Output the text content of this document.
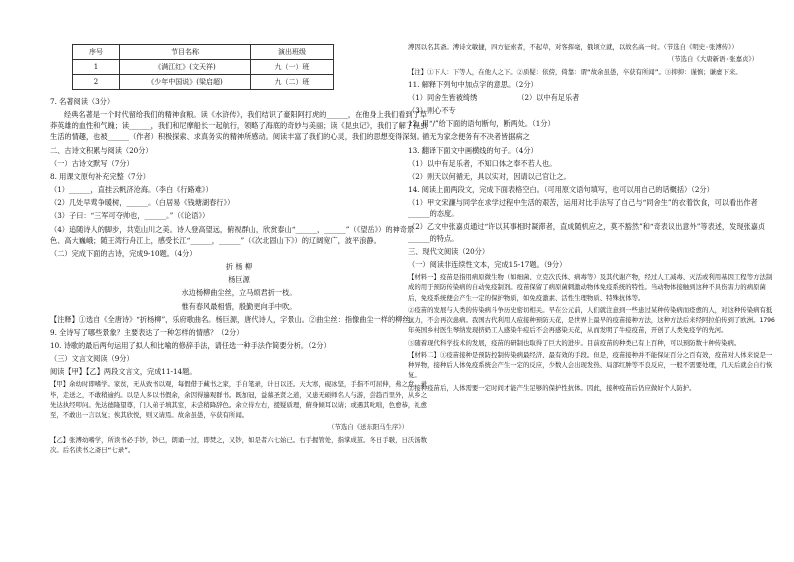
序号	节目名称	演出班级
1	《满江红》(文天祥)	九（一）班
2	《少年中国说》(梁启超)	九（二）班
7. 名著阅读（3分）
经典名著是一个时代留给我们的精神食粮。读《水浒传》，我们结识了豪阳阿打虎的______，在他身上我们看到了草莽英雄的血性和气魄；读______，我们和尼摩船长一起航行，领略了海底的奇妙与美丽；读《昆虫记》，我们了解了昆虫生活的情趣，也被______（作者）积极探索、求真务实的精神所感动。阅读丰富了我们的心灵，我们的思想变得深刻。
二、古诗文积累与阅读（20分）
（一）古诗文默写（7分）
8. 用课文原句补充完整（7分）
（1）______，直挂云帆济沧海。（李白《行路难》）
（2）几处早莺争暖树，______。（白居易《钱塘湖春行》）
（3）子曰：“三军可夺帅也，______。”（《论语》）
（4）追随诗人的脚步，共览山川之美。诗人登高望远，俯视群山，欣赏泰山“______，______”（《望岳》）的神奇景色、高大巍峨；随王湾行舟江上，感受长江“______，______”（《次北固山下》）的辽阔宽广，波平浪静。
（二）完成下面的古诗，完成9-10题。（4分）
折 杨 柳
杨巨源
水边杨柳曲尘丝，立马烦君折一枝。
惟有春风最相惜，殷勤更向手中吹。
【注释】①选自《全唐诗》“折杨柳”，乐府歌曲名。杨巨源，唐代诗人，字景山。②曲尘丝：指像曲尘一样的柳丝。
9. 全诗写了哪些景象？主要表达了一种怎样的情感？（2分）
10. 诗歌的最后两句运用了拟人和比喻的修辞手法，请任选一种手法作简要分析。（2分）
（三）文言文阅读（9分）
阅读【甲】【乙】两段文言文，完成11-14题。
【甲】余幼时即嗜学。家贫，无从致书以观，每假借于藏书之家，手自笔录，计日以还。天大寒，砚冰坚，手指不可屈伸，弗之怠。录毕，走送之，不敢稍逾约。以是人多以书假余，余因得遍观群书。既加冠，益慕圣贤之道，又患无硕师名人与游，尝趋百里外，从乡之先达执经叩问。先达德隆望尊，门人弟子填其室，未尝稍降辞色。余立侍左右，援疑质理，俯身倾耳以请；或遇其叱咄，色愈恭，礼愈至，不敢出一言以复；俟其欣悦，则又请焉。故余虽愚，卒获有所闻。
（节选自《送东阳马生序》）
【乙】张溥幼嗜学，所读书必手钞，钞已，朗诵一过，即焚之，又钞，如是者六七始已。右手握管处，指掌成茧。冬日手皲，日沃汤数次。后名读书之斋曰“七录”。
溥因以名其斋。溥诗文敏捷，四方征索者，不起草，对客挥毫，俄顷立就，以故名高一时。（节选自《明史·张溥传》）
（节选自《大唐新语·张嘉贞》）
【注】①下人：下等人，在他人之下。②质疑：依傍，倚靠：谓“故余虽愚，卒获有所闻”。③抑抑：谨慎；谦虚下来。
11. 解释下列句中加点字的意思。（2分）
（1）同舍生皆被绮绣	（2）以中有足乐者
（3）则心不专
12. 用“/”给下面的语句断句，断两处。（1分）
循无为家念便务有不决者皆据病之
13. 翻译下面文中画横线的句子。（4分）
（1）以中有足乐者，不知口体之奉不若人也。
（2）则天以何循无，具以实对，因请以己官让之。
14. 阅读上面两段文，完成下面表格空白。（可用原文语句填写，也可以用自己的话概括）（2分）
（1）甲文宋濂与同学在求学过程中生活的艰苦，运用对比手法写了自己与“同舍生”的衣着饮食，可以看出作者______的态度。
（2）乙文中张嘉贞通过“许以其事相时凝滞者，直成随机应之，莫不豁然”和“奇表议出意外”等表述，发现张嘉贞______的特点。
三、现代文阅读（20分）
（一）阅读非连续性文本，完成15-17题。（9分）
【材料一】疫苗是指用病原微生物（如细菌、立克次氏体、病毒等）及其代谢产物，经过人工减毒、灭活或利用基因工程等方法制成的用于预防传染病的自动免疫制剂。疫苗保留了病原菌刺激动物体免疫系统的特性。当动物体接触到这种不具伤害力的病原菌后，免疫系统便会产生一定的保护物质，如免疫激素、活性生理物质、特殊抗体等。
②疫苗的发展与人类的传染病斗争历史密切相关。早在公元前，人们就注意到一些患过某种传染病而痊愈的人，对这种传染病有抵抗力，不会再次患病。我国古代利用人痘接种预防天花，是世界上最早的疫苗接种方法，这种方法后来经阿拉伯传到了欧洲。1796年英国乡村医生琴纳发现挤奶工人感染牛痘后不会再感染天花，从而发明了牛痘疫苗，开创了人类免疫学的先河。
③随着现代科学技术的发展，疫苗的研制也取得了巨大的进步。目前疫苗的种类已有上百种，可以预防数十种传染病。
【材料二】①疫苗接种是预防控制传染病最经济、最有效的手段。但是，疫苗接种并不能保证百分之百有效，疫苗对人体来说是一种异物，接种后人体免疫系统会产生一定的反应，少数人会出现发热、局部红肿等不良反应，一般不需要处理，几天后就会自行恢复。
②接种疫苗后，人体需要一定时间才能产生足够的保护性抗体。因此，接种疫苗后仍应做好个人防护。
